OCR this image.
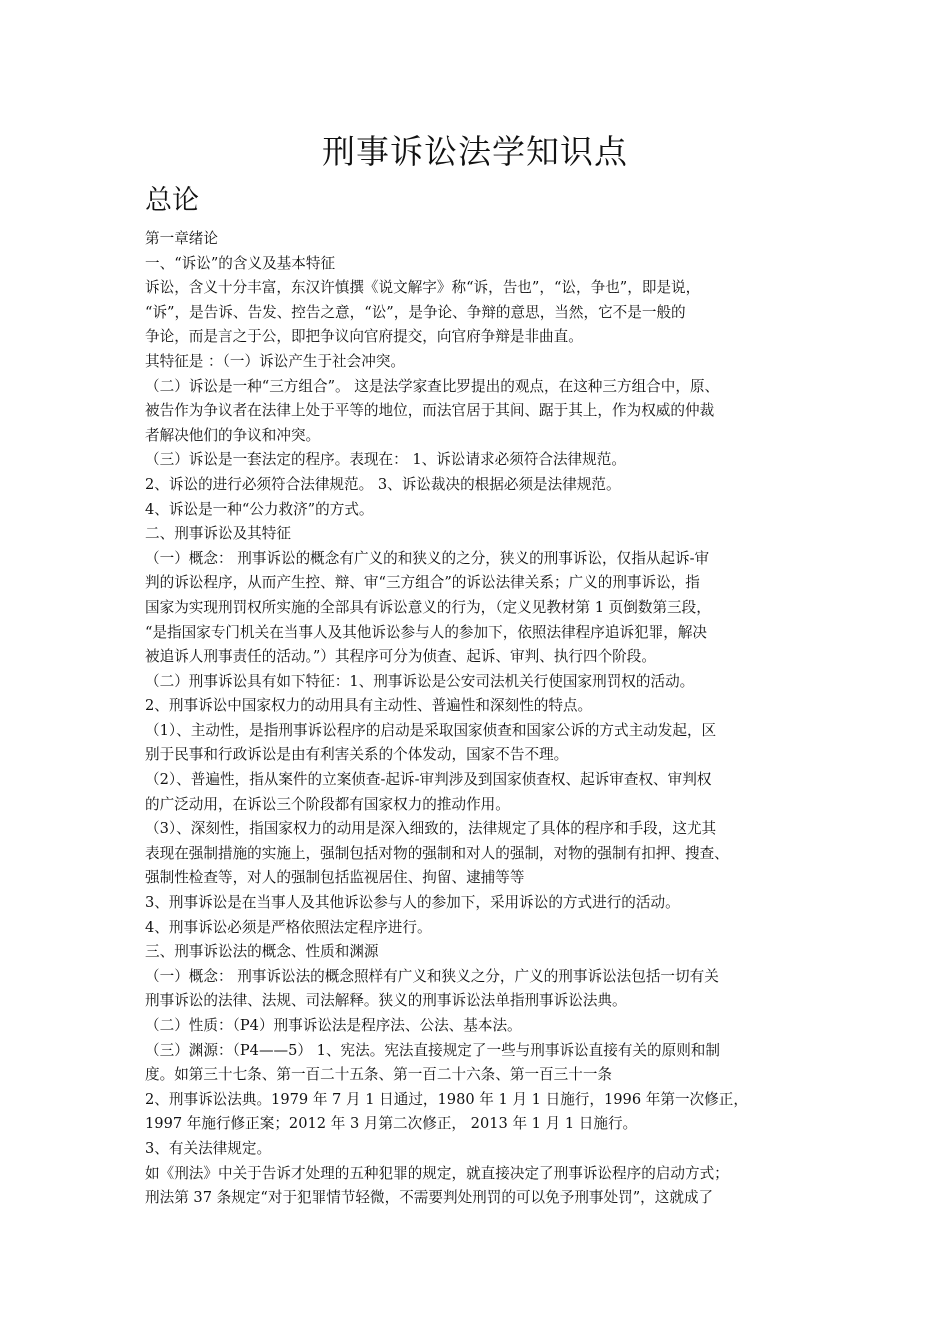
刑事诉讼法学知识点
总论
第一章绪论
一、“诉讼”的含义及基本特征
诉讼，含义十分丰富，东汉许慎撰《说文解字》称“诉，告也”，“讼，争也”，即是说，
“诉”，是告诉、告发、控告之意，“讼”，是争论、争辩的意思，当然，它不是一般的
争论，而是言之于公，即把争议向官府提交，向官府争辩是非曲直。
其特征是 ：（一）诉讼产生于社会冲突。
（二）诉讼是一种“三方组合”。 这是法学家查比罗提出的观点，在这种三方组合中，原、
被告作为争议者在法律上处于平等的地位，而法官居于其间、踞于其上，作为权威的仲裁
者解决他们的争议和冲突。
（三）诉讼是一套法定的程序。表现在： 1、诉讼请求必须符合法律规范。
2、诉讼的进行必须符合法律规范。 3、诉讼裁决的根据必须是法律规范。
4、诉讼是一种“公力救济”的方式。
二、刑事诉讼及其特征
（一）概念： 刑事诉讼的概念有广义的和狭义的之分，狭义的刑事诉讼，仅指从起诉-审
判的诉讼程序，从而产生控、辩、审“三方组合”的诉讼法律关系；广义的刑事诉讼，指
国家为实现刑罚权所实施的全部具有诉讼意义的行为，（定义见教材第 1 页倒数第三段，
“是指国家专门机关在当事人及其他诉讼参与人的参加下，依照法律程序追诉犯罪，解决
被追诉人刑事责任的活动。”）其程序可分为侦查、起诉、审判、执行四个阶段。
（二）刑事诉讼具有如下特征：1、刑事诉讼是公安司法机关行使国家刑罚权的活动。
2、刑事诉讼中国家权力的动用具有主动性、普遍性和深刻性的特点。
（1）、主动性，是指刑事诉讼程序的启动是采取国家侦查和国家公诉的方式主动发起，区
别于民事和行政诉讼是由有利害关系的个体发动，国家不告不理。
（2）、普遍性，指从案件的立案侦查-起诉-审判涉及到国家侦查权、起诉审查权、审判权
的广泛动用，在诉讼三个阶段都有国家权力的推动作用。
（3）、深刻性，指国家权力的动用是深入细致的，法律规定了具体的程序和手段，这尤其
表现在强制措施的实施上，强制包括对物的强制和对人的强制，对物的强制有扣押、搜查、
强制性检查等，对人的强制包括监视居住、拘留、逮捕等等
3、刑事诉讼是在当事人及其他诉讼参与人的参加下，采用诉讼的方式进行的活动。
4、刑事诉讼必须是严格依照法定程序进行。
三、刑事诉讼法的概念、性质和渊源
（一）概念： 刑事诉讼法的概念照样有广义和狭义之分，广义的刑事诉讼法包括一切有关
刑事诉讼的法律、法规、司法解释。狭义的刑事诉讼法单指刑事诉讼法典。
（二）性质：（P4）刑事诉讼法是程序法、公法、基本法。
（三）渊源：（P4——5） 1、宪法。宪法直接规定了一些与刑事诉讼直接有关的原则和制
度。如第三十七条、第一百二十五条、第一百二十六条、第一百三十一条
2、刑事诉讼法典。1979 年 7 月 1 日通过，1980 年 1 月 1 日施行，1996 年第一次修正，
1997 年施行修正案；2012 年 3 月第二次修正， 2013 年 1 月 1 日施行。
3、有关法律规定。
如《刑法》中关于告诉才处理的五种犯罪的规定，就直接决定了刑事诉讼程序的启动方式；
刑法第 37 条规定“对于犯罪情节轻微，不需要判处刑罚的可以免予刑事处罚”，这就成了
